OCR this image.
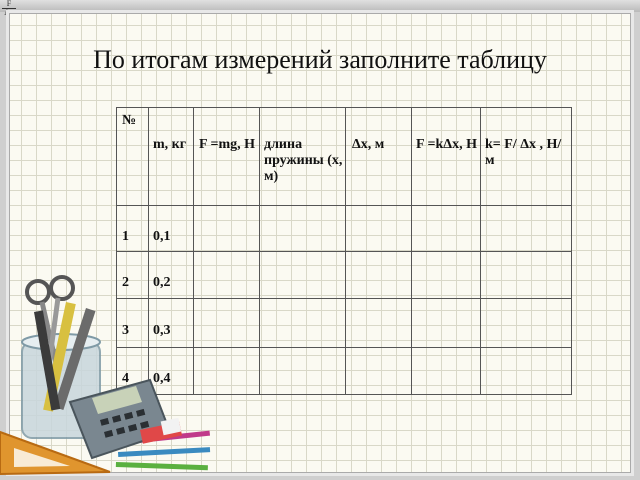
F
По итогам измерений заполните таблицу
№
m, кг F =mg, Н длина пружины (х, м)
Δх, м	F =kΔх, Н k= F/ Δх , Н/м
1 0,1
2 0,2
3 0,3
4 0,4
